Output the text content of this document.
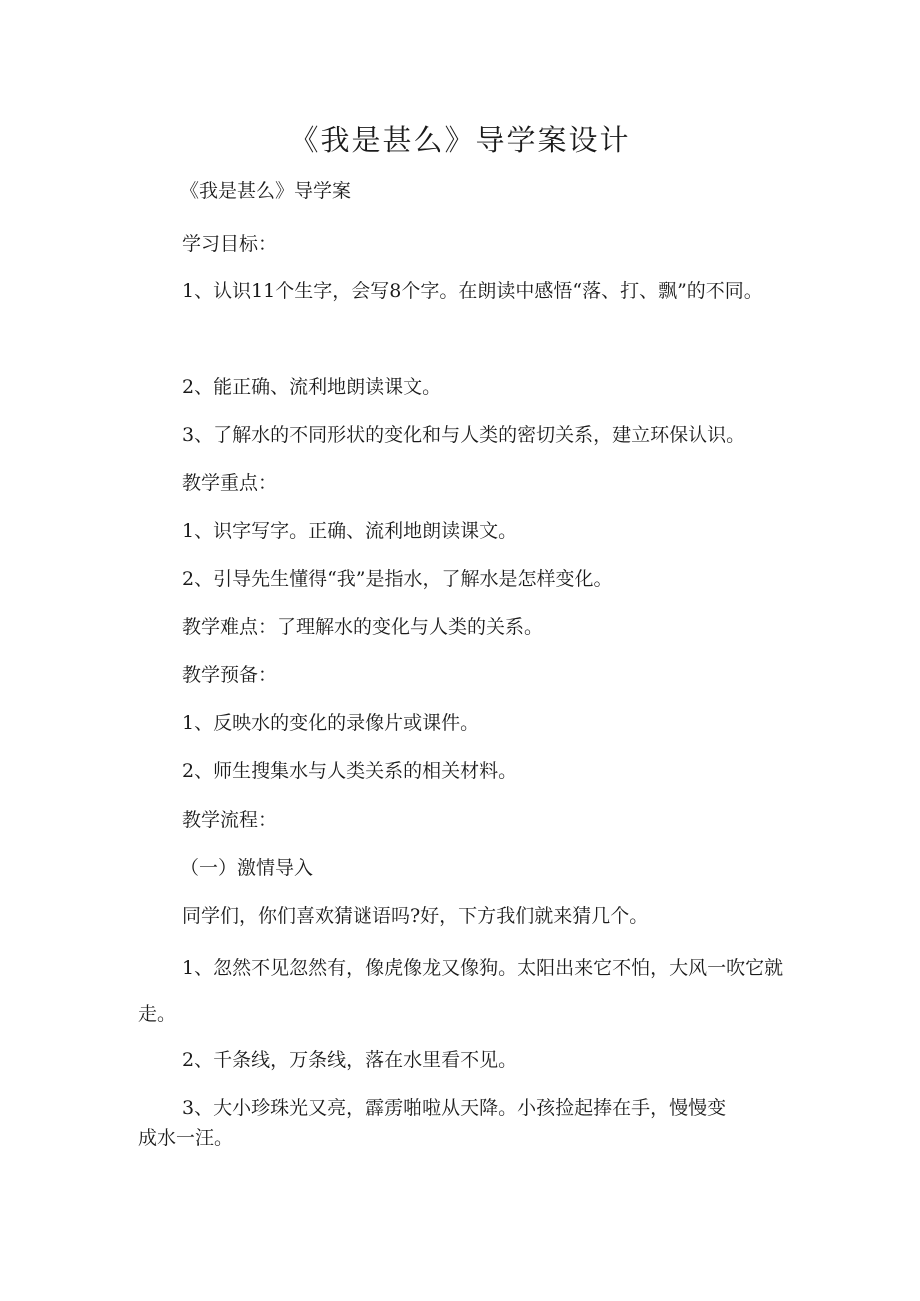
《我是甚么》导学案设计

《我是甚么》导学案

学习目标：

1、认识11个生字，会写8个字。在朗读中感悟“落、打、飘”的不同。

2、能正确、流利地朗读课文。

3、了解水的不同形状的变化和与人类的密切关系，建立环保认识。

教学重点：

1、识字写字。正确、流利地朗读课文。

2、引导先生懂得“我”是指水，了解水是怎样变化。

教学难点：了理解水的变化与人类的关系。

教学预备：

1、反映水的变化的录像片或课件。

2、师生搜集水与人类关系的相关材料。

教学流程：

（一）激情导入

同学们，你们喜欢猜谜语吗?好，下方我们就来猜几个。

1、忽然不见忽然有，像虎像龙又像狗。太阳出来它不怕，大风一吹它就走。

2、千条线，万条线，落在水里看不见。

3、大小珍珠光又亮，霹雳啪啦从天降。小孩捡起捧在手，慢慢变成水一汪。
